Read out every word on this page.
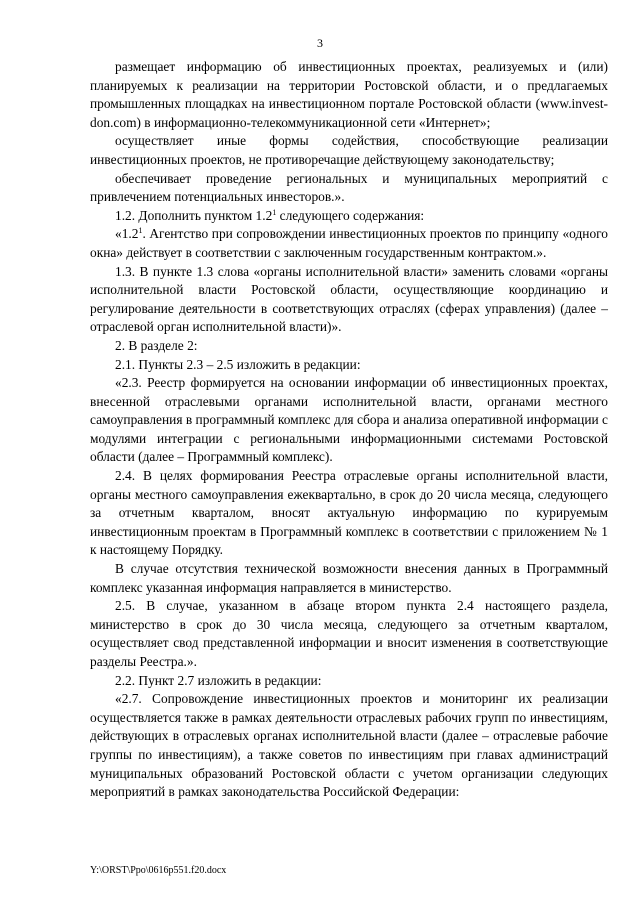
3

размещает информацию об инвестиционных проектах, реализуемых и (или) планируемых к реализации на территории Ростовской области, и о предлагаемых промышленных площадках на инвестиционном портале Ростовской области (www.invest-don.com) в информационно-телекоммуникационной сети «Интернет»;

осуществляет иные формы содействия, способствующие реализации инвестиционных проектов, не противоречащие действующему законодательству;

обеспечивает проведение региональных и муниципальных мероприятий с привлечением потенциальных инвесторов.».

1.2. Дополнить пунктом $1.2^1$ следующего содержания:

«$1.2^1$. Агентство при сопровождении инвестиционных проектов по принципу «одного окна» действует в соответствии с заключенным государственным контрактом.».

1.3. В пункте 1.3 слова «органы исполнительной власти» заменить словами «органы исполнительной власти Ростовской области, осуществляющие координацию и регулирование деятельности в соответствующих отраслях (сферах управления) (далее – отраслевой орган исполнительной власти)».

2. В разделе 2:

2.1. Пункты 2.3 – 2.5 изложить в редакции:

«2.3. Реестр формируется на основании информации об инвестиционных проектах, внесенной отраслевыми органами исполнительной власти, органами местного самоуправления в программный комплекс для сбора и анализа оперативной информации с модулями интеграции с региональными информационными системами Ростовской области (далее – Программный комплекс).

2.4. В целях формирования Реестра отраслевые органы исполнительной власти, органы местного самоуправления ежеквартально, в срок до 20 числа месяца, следующего за отчетным кварталом, вносят актуальную информацию по курируемым инвестиционным проектам в Программный комплекс в соответствии с приложением № 1 к настоящему Порядку.

В случае отсутствия технической возможности внесения данных в Программный комплекс указанная информация направляется в министерство.

2.5. В случае, указанном в абзаце втором пункта 2.4 настоящего раздела, министерство в срок до 30 числа месяца, следующего за отчетным кварталом, осуществляет свод представленной информации и вносит изменения в соответствующие разделы Реестра.».

2.2. Пункт 2.7 изложить в редакции:

«2.7. Сопровождение инвестиционных проектов и мониторинг их реализации осуществляется также в рамках деятельности отраслевых рабочих групп по инвестициям, действующих в отраслевых органах исполнительной власти (далее – отраслевые рабочие группы по инвестициям), а также советов по инвестициям при главах администраций муниципальных образований Ростовской области с учетом организации следующих мероприятий в рамках законодательства Российской Федерации:

Y:\ORST\Ppo\0616p551.f20.docx
